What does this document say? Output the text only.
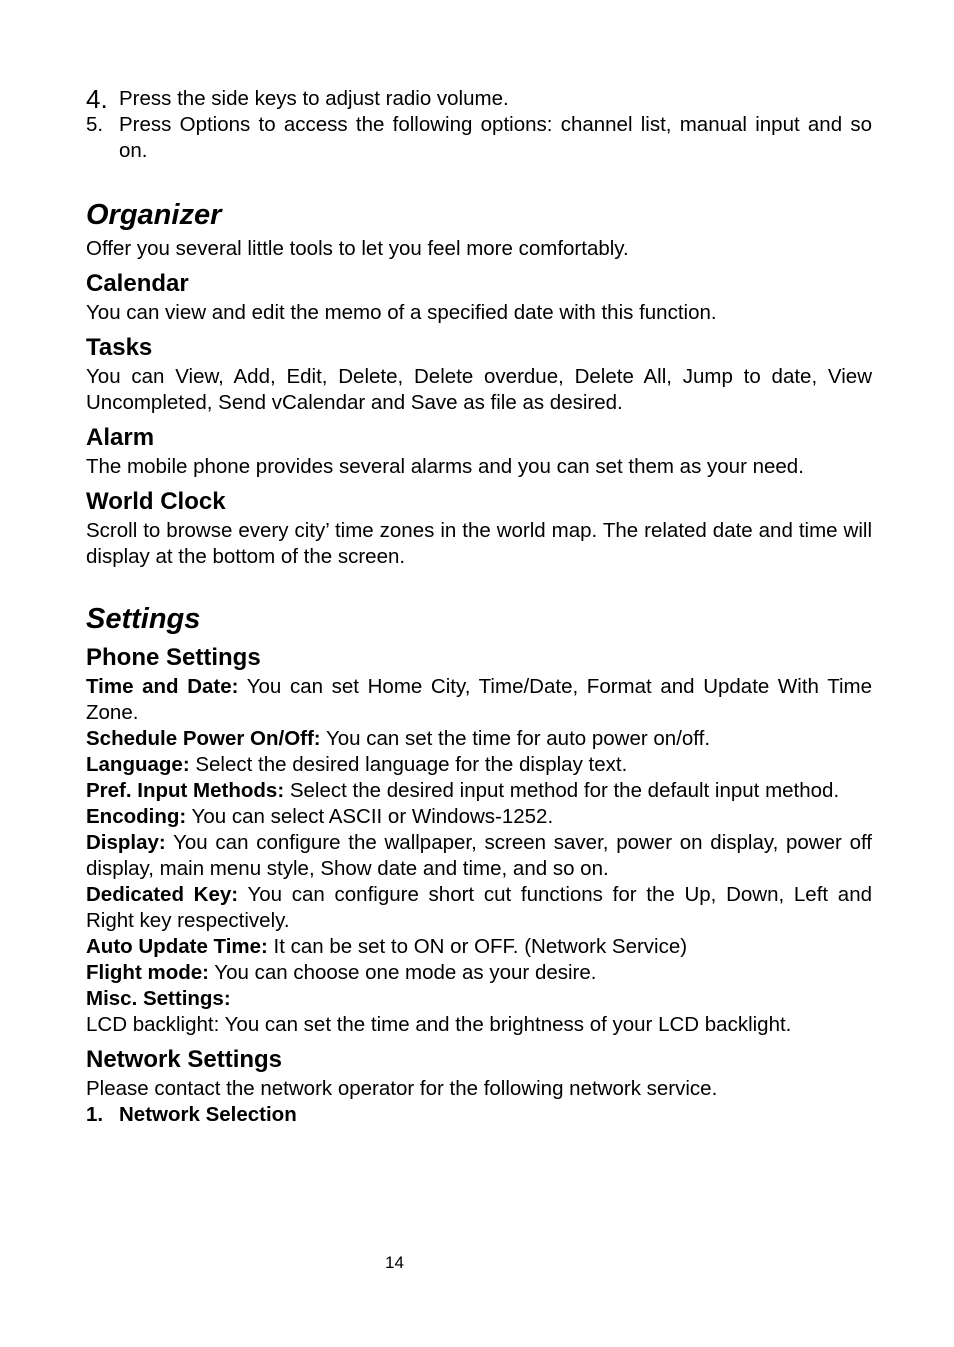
4. Press the side keys to adjust radio volume.
5. Press Options to access the following options: channel list, manual input and so on.
Organizer

Offer you several little tools to let you feel more comfortably.

Calendar

You can view and edit the memo of a specified date with this function.

Tasks

You can View, Add, Edit, Delete, Delete overdue, Delete All, Jump to date, View Uncompleted, Send vCalendar and Save as file as desired.

Alarm

The mobile phone provides several alarms and you can set them as your need.

World Clock

Scroll to browse every city’ time zones in the world map. The related date and time will display at the bottom of the screen.

Settings
Phone Settings

Time and Date: You can set Home City, Time/Date, Format and Update With Time Zone.

Schedule Power On/Off: You can set the time for auto power on/off.

Language: Select the desired language for the display text.

Pref. Input Methods: Select the desired input method for the default input method.

Encoding: You can select ASCII or Windows-1252.

Display: You can configure the wallpaper, screen saver, power on display, power off display, main menu style, Show date and time, and so on.

Dedicated Key: You can configure short cut functions for the Up, Down, Left and Right key respectively.

Auto Update Time: It can be set to ON or OFF. (Network Service)

Flight mode: You can choose one mode as your desire.

Misc. Settings:

LCD backlight: You can set the time and the brightness of your LCD backlight.

Network Settings

Please contact the network operator for the following network service.

1. Network Selection
14
